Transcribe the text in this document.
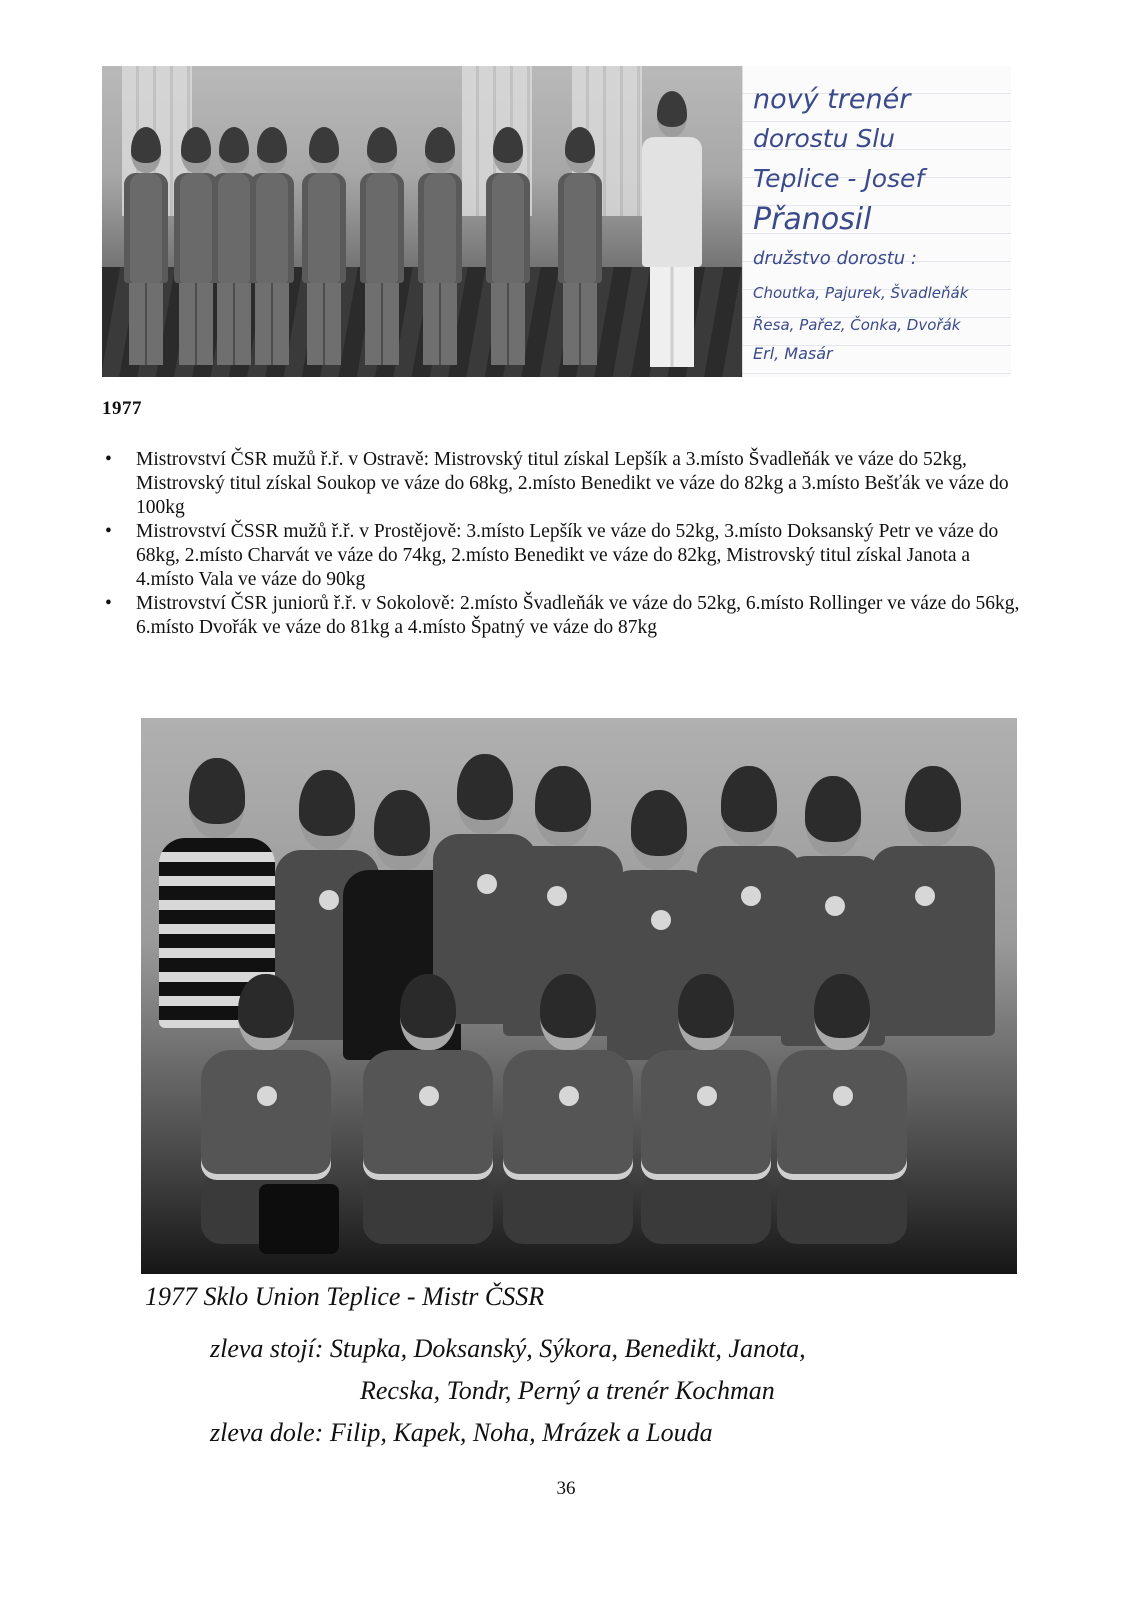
nový trenér

dorostu Slu

Teplice - Josef

Přanosil

družstvo dorostu :

Choutka, Pajurek, Švadleňák

Řesa, Pařez, Čonka, Dvořák

Erl, Masár

1977
• Mistrovství ČSR mužů ř.ř. v Ostravě: Mistrovský titul získal Lepšík a 3.místo Švadleňák ve váze do 52kg, Mistrovský titul získal Soukop ve váze do 68kg, 2.místo Benedikt ve váze do 82kg a 3.místo Bešťák ve váze do 100kg
• Mistrovství ČSSR mužů ř.ř. v Prostějově: 3.místo Lepšík ve váze do 52kg, 3.místo Doksanský Petr ve váze do 68kg, 2.místo Charvát ve váze do 74kg, 2.místo Benedikt ve váze do 82kg, Mistrovský titul získal Janota a 4.místo Vala ve váze do 90kg
• Mistrovství ČSR juniorů ř.ř. v Sokolově: 2.místo Švadleňák ve váze do 52kg, 6.místo Rollinger ve váze do 56kg, 6.místo Dvořák ve váze do 81kg a 4.místo Špatný ve váze do 87kg

1977 Sklo Union Teplice - Mistr ČSSR

zleva stojí: Stupka, Doksanský, Sýkora, Benedikt, Janota,

Recska, Tondr, Perný a trenér Kochman

zleva dole: Filip, Kapek, Noha, Mrázek a Louda

36
